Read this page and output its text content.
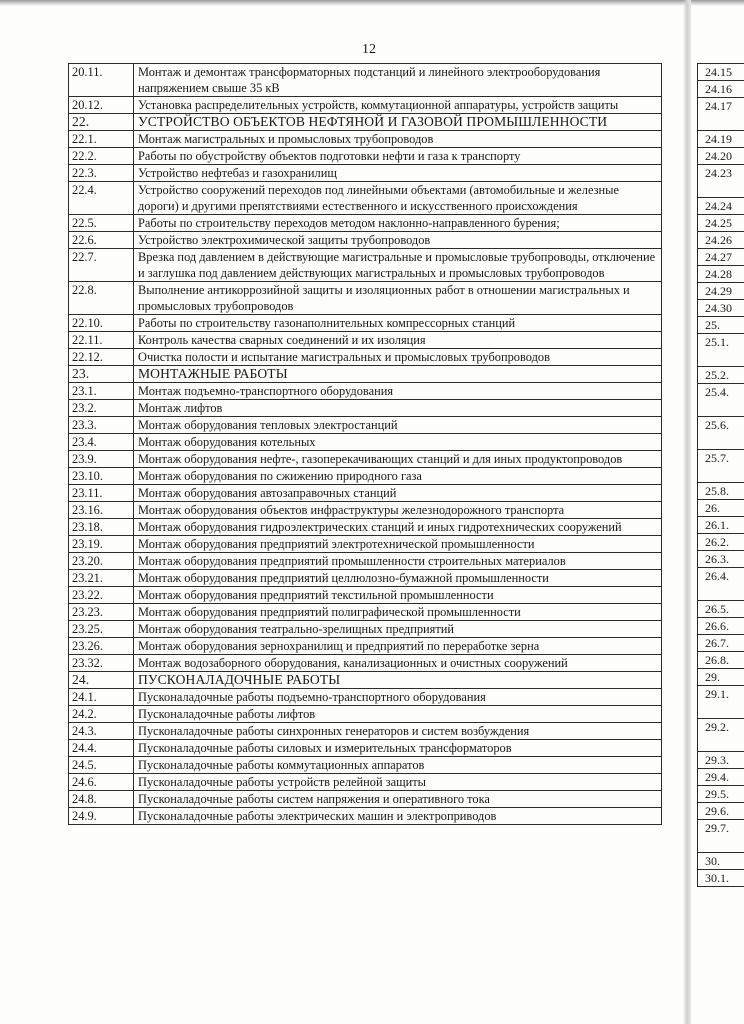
12
20.11.	Монтаж и демонтаж трансформаторных подстанций и линейного электрооборудования напряжением свыше 35 кВ
20.12.	Установка распределительных устройств, коммутационной аппаратуры, устройств защиты
22.	УСТРОЙСТВО ОБЪЕКТОВ НЕФТЯНОЙ И ГАЗОВОЙ ПРОМЫШЛЕННОСТИ
22.1.	Монтаж магистральных и промысловых трубопроводов
22.2.	Работы по обустройству объектов подготовки нефти и газа к транспорту
22.3.	Устройство нефтебаз и газохранилищ
22.4.	Устройство сооружений переходов под линейными объектами (автомобильные и железные дороги) и другими препятствиями естественного и искусственного происхождения
22.5.	Работы по строительству переходов методом наклонно-направленного бурения;
22.6.	Устройство электрохимической защиты трубопроводов
22.7.	Врезка под давлением в действующие магистральные и промысловые трубопроводы, отключение и заглушка под давлением действующих магистральных и промысловых трубопроводов
22.8.	Выполнение антикоррозийной защиты и изоляционных работ в отношении магистральных и промысловых трубопроводов
22.10.	Работы по строительству газонаполнительных компрессорных станций
22.11.	Контроль качества сварных соединений и их изоляция
22.12.	Очистка полости и испытание магистральных и промысловых трубопроводов
23.	МОНТАЖНЫЕ РАБОТЫ
23.1.	Монтаж подъемно-транспортного оборудования
23.2.	Монтаж лифтов
23.3.	Монтаж оборудования тепловых электростанций
23.4.	Монтаж оборудования котельных
23.9.	Монтаж оборудования нефте-, газоперекачивающих станций и для иных продуктопроводов
23.10.	Монтаж оборудования по сжижению природного газа
23.11.	Монтаж оборудования автозаправочных станций
23.16.	Монтаж оборудования объектов инфраструктуры железнодорожного транспорта
23.18.	Монтаж оборудования гидроэлектрических станций и иных гидротехнических сооружений
23.19.	Монтаж оборудования предприятий электротехнической промышленности
23.20.	Монтаж оборудования предприятий промышленности строительных материалов
23.21.	Монтаж оборудования предприятий целлюлозно-бумажной промышленности
23.22.	Монтаж оборудования предприятий текстильной промышленности
23.23.	Монтаж оборудования предприятий полиграфической промышленности
23.25.	Монтаж оборудования театрально-зрелищных предприятий
23.26.	Монтаж оборудования зернохранилищ и предприятий по переработке зерна
23.32.	Монтаж водозаборного оборудования, канализационных и очистных сооружений
24.	ПУСКОНАЛАДОЧНЫЕ РАБОТЫ
24.1.	Пусконаладочные работы подъемно-транспортного оборудования
24.2.	Пусконаладочные работы лифтов
24.3.	Пусконаладочные работы синхронных генераторов и систем возбуждения
24.4.	Пусконаладочные работы силовых и измерительных трансформаторов
24.5.	Пусконаладочные работы коммутационных аппаратов
24.6.	Пусконаладочные работы устройств релейной защиты
24.8.	Пусконаладочные работы систем напряжения и оперативного тока
24.9.	Пусконаладочные работы электрических машин и электроприводов
24.15
24.16
24.17
24.19
24.20
24.23
24.24
24.25
24.26
24.27
24.28
24.29
24.30
25.
25.1.
25.2.
25.4.
25.6.
25.7.
25.8.
26.
26.1.
26.2.
26.3.
26.4.
26.5.
26.6.
26.7.
26.8.
29.
29.1.
29.2.
29.3.
29.4.
29.5.
29.6.
29.7.
30.
30.1.
